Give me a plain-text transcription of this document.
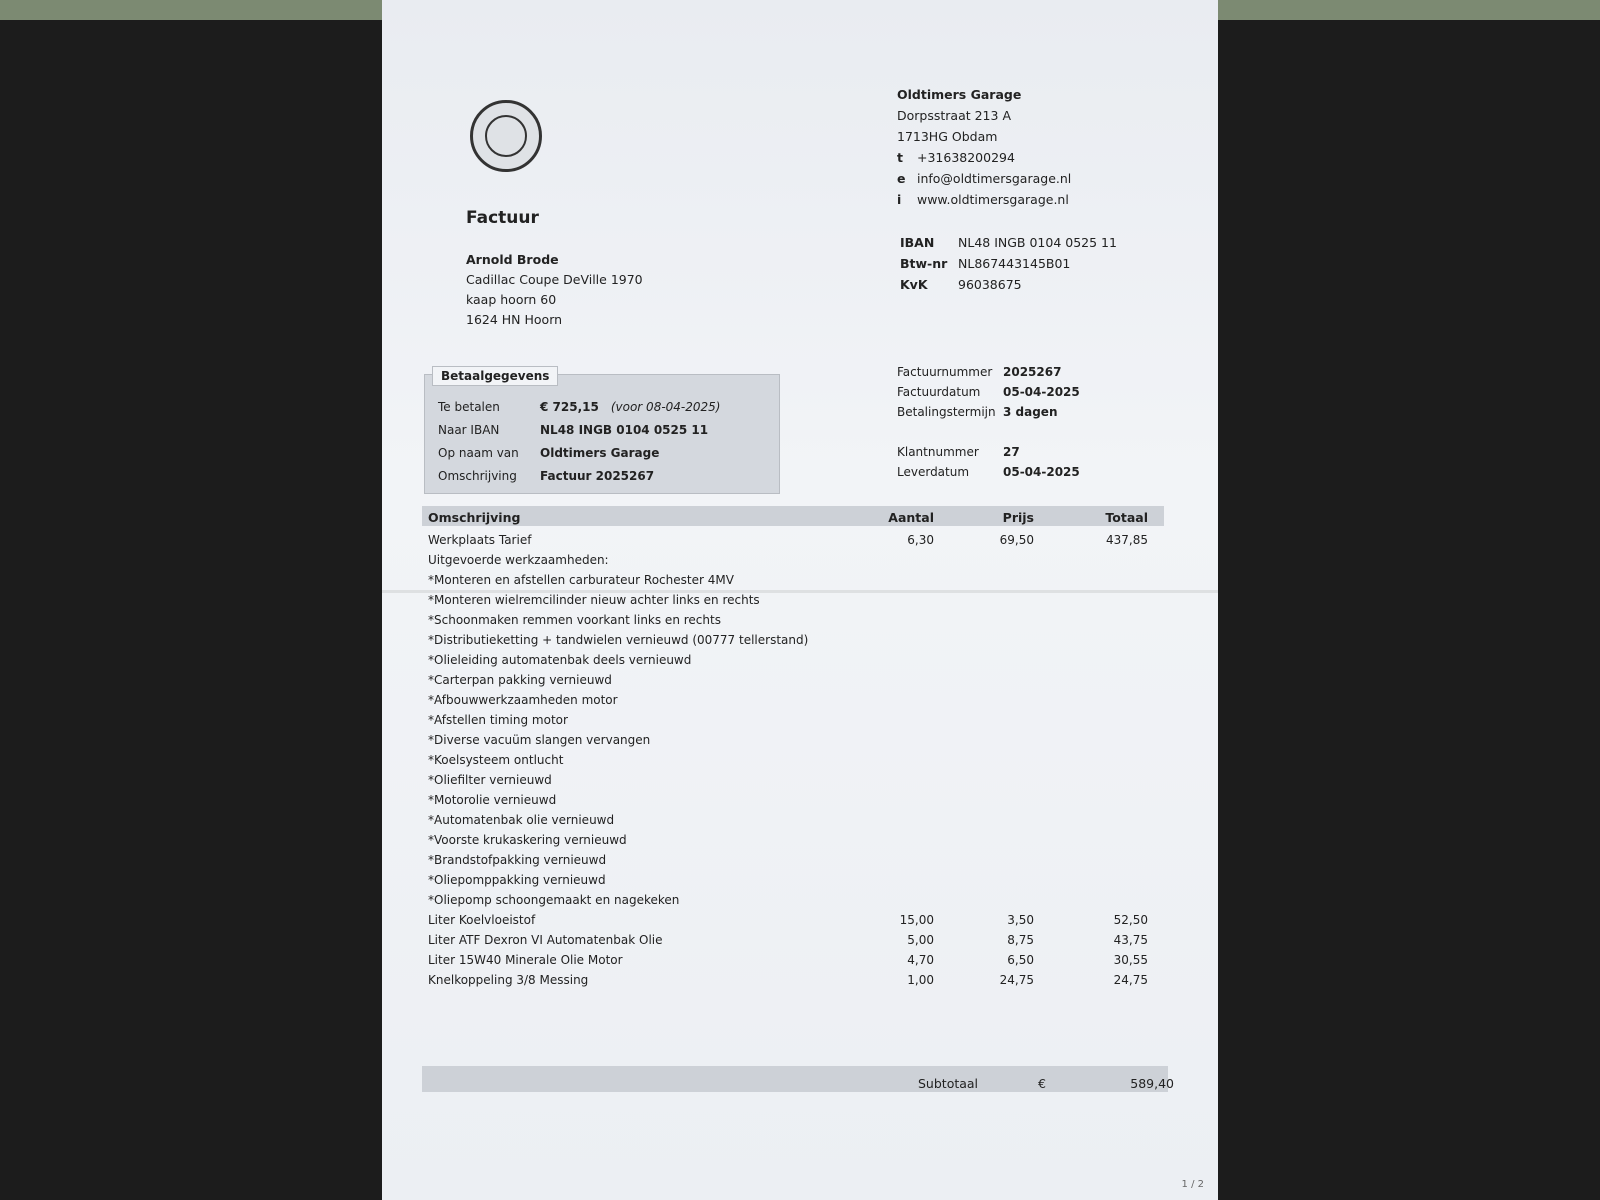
Factuur
Arnold Brode
Cadillac Coupe DeVille 1970
kaap hoorn 60
1624 HN Hoorn
Oldtimers Garage
Dorpsstraat 213 A
1713HG Obdam
t +31638200294
e info@oldtimersgarage.nl
i www.oldtimersgarage.nl
IBAN NL48 INGB 0104 0525 11
Btw-nr NL867443145B01
KvK 96038675
Betaalgegevens
Te betalen	€ 725,15 (voor 08-04-2025)
Naar IBAN	NL48 INGB 0104 0525 11
Op naam van Oldtimers Garage
Omschrijving Factuur 2025267
Factuurnummer 2025267
Factuurdatum 05-04-2025
Betalingstermijn 3 dagen
Klantnummer 27
Leverdatum	05-04-2025
Omschrijving	Aantal	Prijs	Totaal
Werkplaats Tarief	6,30	69,50	437,85
Uitgevoerde werkzaamheden:
*Monteren en afstellen carburateur Rochester 4MV
*Monteren wielremcilinder nieuw achter links en rechts
*Schoonmaken remmen voorkant links en rechts
*Distributieketting + tandwielen vernieuwd (00777 tellerstand)
*Olieleiding automatenbak deels vernieuwd
*Carterpan pakking vernieuwd
*Afbouwwerkzaamheden motor
*Afstellen timing motor
*Diverse vacuüm slangen vervangen
*Koelsysteem ontlucht
*Oliefilter vernieuwd
*Motorolie vernieuwd
*Automatenbak olie vernieuwd
*Voorste krukaskering vernieuwd
*Brandstofpakking vernieuwd
*Oliepomppakking vernieuwd
*Oliepomp schoongemaakt en nagekeken
Liter Koelvloeistof	15,00	3,50	52,50
Liter ATF Dexron VI Automatenbak Olie	5,00	8,75	43,75
Liter 15W40 Minerale Olie Motor	4,70	6,50	30,55
Knelkoppeling 3/8 Messing	1,00	24,75	24,75
Subtotaal	€	589,40
1 / 2
